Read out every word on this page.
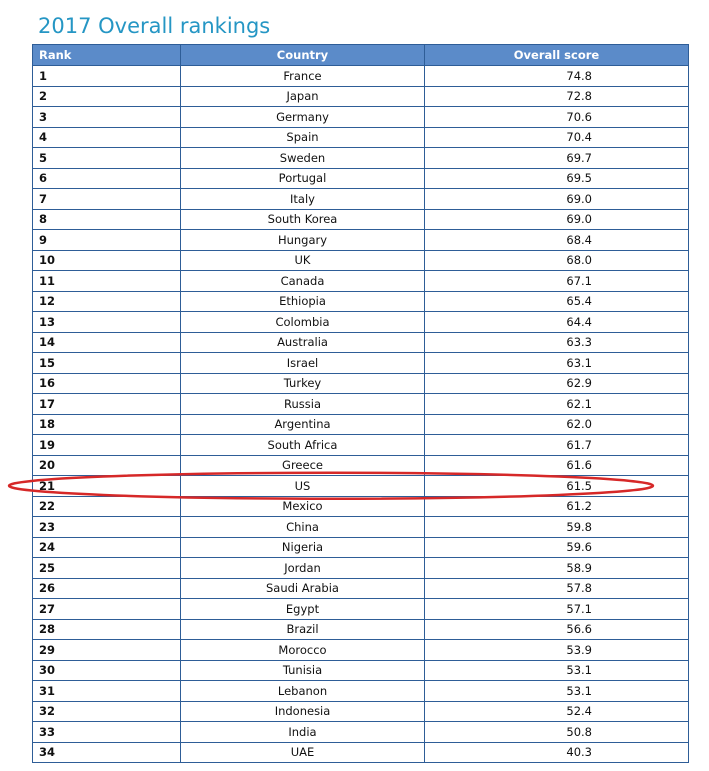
2017 Overall rankings
Rank	Country	Overall score
1	France	74.8
2	Japan	72.8
3	Germany	70.6
4	Spain	70.4
5	Sweden	69.7
6	Portugal	69.5
7	Italy	69.0
8	South Korea	69.0
9	Hungary	68.4
10	UK	68.0
11	Canada	67.1
12	Ethiopia	65.4
13	Colombia	64.4
14	Australia	63.3
15	Israel	63.1
16	Turkey	62.9
17	Russia	62.1
18	Argentina	62.0
19	South Africa	61.7
20	Greece	61.6
21	US	61.5
22	Mexico	61.2
23	China	59.8
24	Nigeria	59.6
25	Jordan	58.9
26	Saudi Arabia	57.8
27	Egypt	57.1
28	Brazil	56.6
29	Morocco	53.9
30	Tunisia	53.1
31	Lebanon	53.1
32	Indonesia	52.4
33	India	50.8
34	UAE	40.3
